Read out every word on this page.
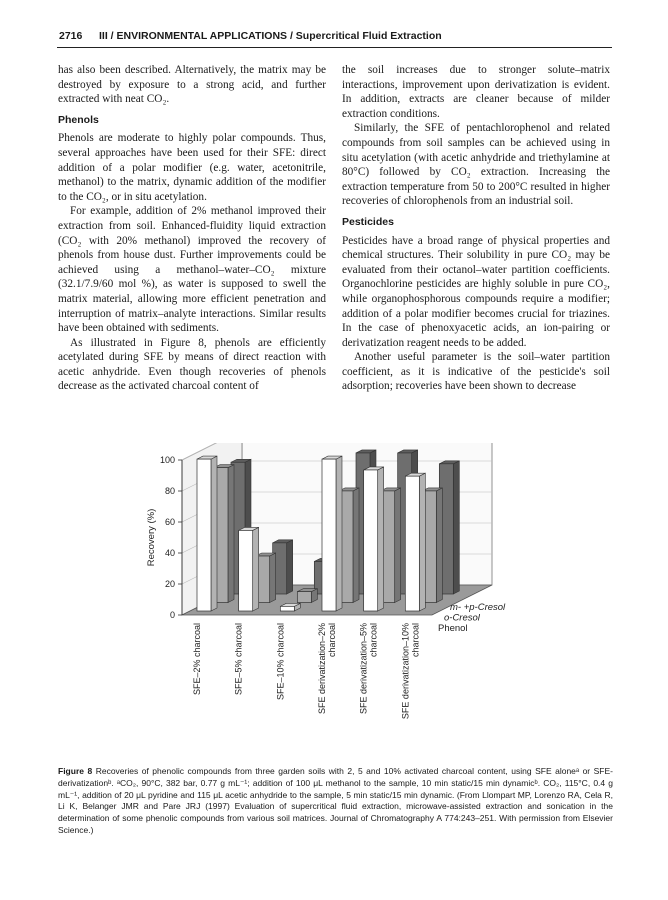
2716 III / ENVIRONMENTAL APPLICATIONS / Supercritical Fluid Extraction

has also been described. Alternatively, the matrix may be destroyed by exposure to a strong acid, and further extracted with neat CO₂.

Phenols

Phenols are moderate to highly polar compounds. Thus, several approaches have been used for their SFE: direct addition of a polar modifier (e.g. water, acetonitrile, methanol) to the matrix, dynamic addition of the modifier to the CO₂, or in situ acetylation.

For example, addition of 2% methanol improved their extraction from soil. Enhanced-fluidity liquid extraction (CO₂ with 20% methanol) improved the recovery of phenols from house dust. Further improvements could be achieved using a methanol–water–CO₂ mixture (32.1/7.9/60 mol %), as water is supposed to swell the matrix material, allowing more efficient penetration and interruption of matrix–analyte interactions. Similar results have been obtained with sediments.

As illustrated in Figure 8, phenols are efficiently acetylated during SFE by means of direct reaction with acetic anhydride. Even though recoveries of phenols decrease as the activated charcoal content of

the soil increases due to stronger solute–matrix interactions, improvement upon derivatization is evident. In addition, extracts are cleaner because of milder extraction conditions.

Similarly, the SFE of pentachlorophenol and related compounds from soil samples can be achieved using in situ acetylation (with acetic anhydride and triethylamine at 80°C) followed by CO₂ extraction. Increasing the extraction temperature from 50 to 200°C resulted in higher recoveries of chlorophenols from an industrial soil.

Pesticides

Pesticides have a broad range of physical properties and chemical structures. Their solubility in pure CO₂ may be evaluated from their octanol–water partition coefficients. Organochlorine pesticides are highly soluble in pure CO₂, while organophosphorous compounds require a modifier; addition of a polar modifier becomes crucial for triazines. In the case of phenoxyacetic acids, an ion-pairing or derivatization reagent needs to be added.

Another useful parameter is the soil–water partition coefficient, as it is indicative of the pesticide's soil adsorption; recoveries have been shown to decrease

0
20
40
60
80
100
Recovery (%)
m- +p-Cresol
o-Cresol
Phenol
SFE–2% charcoal	SFE–5% charcoal	SFE–10% charcoal	SFE derivatization–2% charcoal SFE derivatization–5% charcoal SFE derivatization–10% charcoal
Figure 8 Recoveries of phenolic compounds from three garden soils with 2, 5 and 10% activated charcoal content, using SFE aloneᵃ or SFE-derivatizationᵇ. ᵃCO₂, 90°C, 382 bar, 0.77 g mL⁻¹; addition of 100 μL methanol to the sample, 10 min static/15 min dynamicᵇ. CO₂, 115°C, 0.4 g mL⁻¹, addition of 20 μL pyridine and 115 μL acetic anhydride to the sample, 5 min static/15 min dynamic. (From Llompart MP, Lorenzo RA, Cela R, Li K, Belanger JMR and Pare JRJ (1997) Evaluation of supercritical fluid extraction, microwave-assisted extraction and sonication in the determination of some phenolic compounds from various soil matrices. Journal of Chromatography A 774:243–251. With permission from Elsevier Science.)
